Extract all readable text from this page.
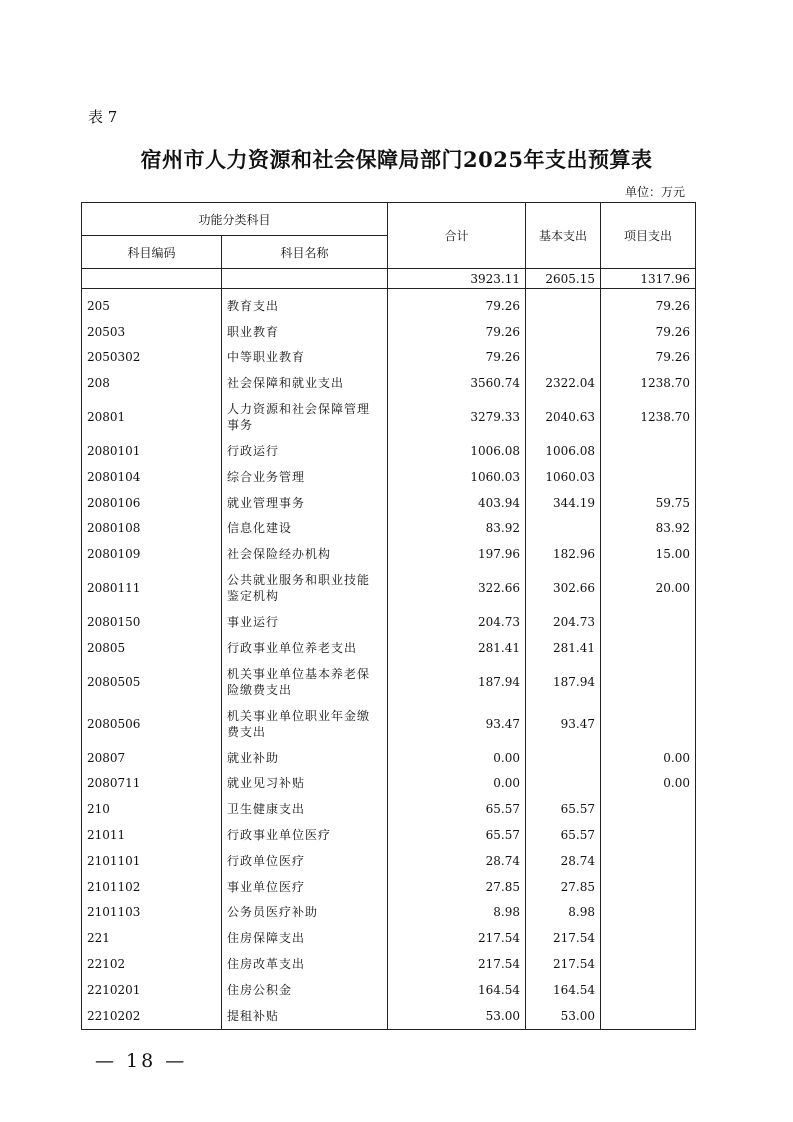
表 7
宿州市人力资源和社会保障局部门2025年支出预算表
单位：万元
功能分类科目		合计	基本支出	项目支出
科目编码	科目名称			
		3923.11	2605.15	1317.96
205	教育支出	79.26		79.26
20503	职业教育	79.26		79.26
2050302	中等职业教育	79.26		79.26
208	社会保障和就业支出	3560.74	2322.04	1238.70
20801	人力资源和社会保障管理事务	3279.33	2040.63	1238.70
2080101	行政运行	1006.08	1006.08	
2080104	综合业务管理	1060.03	1060.03	
2080106	就业管理事务	403.94	344.19	59.75
2080108	信息化建设	83.92		83.92
2080109	社会保险经办机构	197.96	182.96	15.00
2080111	公共就业服务和职业技能鉴定机构	322.66	302.66	20.00
2080150	事业运行	204.73	204.73	
20805	行政事业单位养老支出	281.41	281.41	
2080505	机关事业单位基本养老保险缴费支出	187.94	187.94	
2080506	机关事业单位职业年金缴费支出	93.47	93.47	
20807	就业补助	0.00		0.00
2080711	就业见习补贴	0.00		0.00
210	卫生健康支出	65.57	65.57	
21011	行政事业单位医疗	65.57	65.57	
2101101	行政单位医疗	28.74	28.74	
2101102	事业单位医疗	27.85	27.85	
2101103	公务员医疗补助	8.98	8.98	
221	住房保障支出	217.54	217.54	
22102	住房改革支出	217.54	217.54	
2210201	住房公积金	164.54	164.54	
2210202	提租补贴	53.00	53.00	
— 18 —
